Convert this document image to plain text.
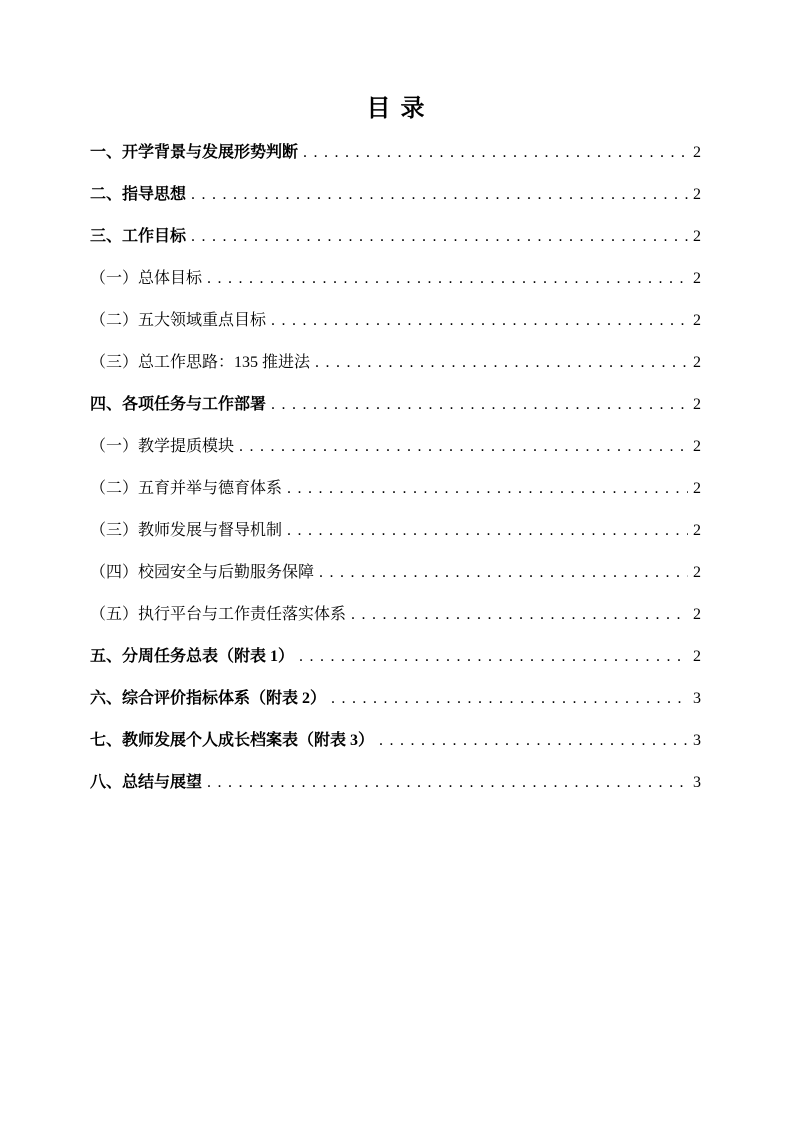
目 录
一、开学背景与发展形势判断 .....	2
二、指导思想 .....	2
三、工作目标 .....	2
（一）总体目标 .....	2
（二）五大领域重点目标 .....	2
（三）总工作思路：135 推进法 .....	2
四、各项任务与工作部署 .....	2
（一）教学提质模块 .....	2
（二）五育并举与德育体系 .....	2
（三）教师发展与督导机制 .....	2
（四）校园安全与后勤服务保障 .....	2
（五）执行平台与工作责任落实体系 .....	2
五、分周任务总表（附表 1） .....	2
六、综合评价指标体系（附表 2） .....	3
七、教师发展个人成长档案表（附表 3） .....	3
八、总结与展望 .....	3
